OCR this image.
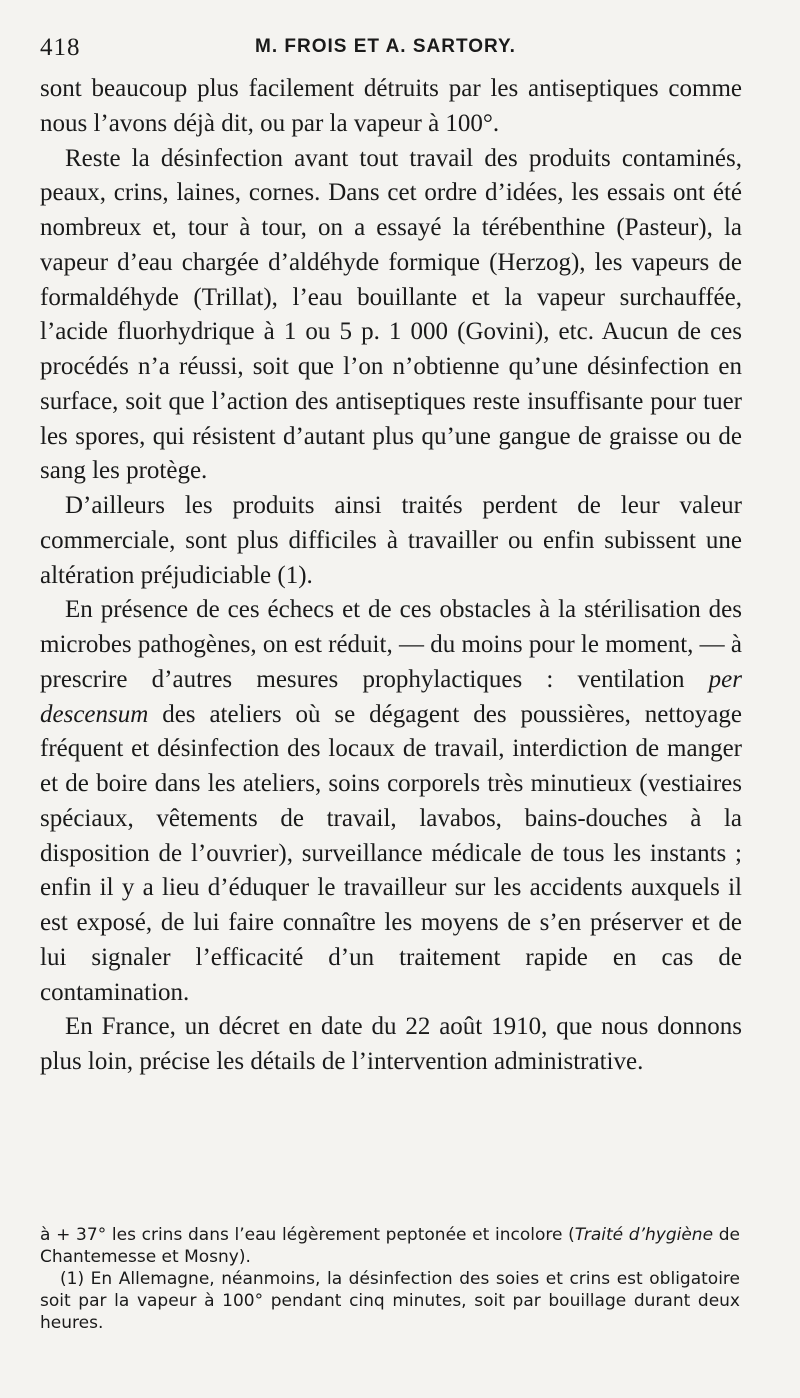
418	M. FROIS ET A. SARTORY.

sont beaucoup plus facilement détruits par les antiseptiques comme nous l’avons déjà dit, ou par la vapeur à 100°.

Reste la désinfection avant tout travail des produits contaminés, peaux, crins, laines, cornes. Dans cet ordre d’idées, les essais ont été nombreux et, tour à tour, on a essayé la térébenthine (Pasteur), la vapeur d’eau chargée d’aldéhyde formique (Herzog), les vapeurs de formaldéhyde (Trillat), l’eau bouillante et la vapeur surchauffée, l’acide fluorhydrique à 1 ou 5 p. 1 000 (Govini), etc. Aucun de ces procédés n’a réussi, soit que l’on n’obtienne qu’une désinfection en surface, soit que l’action des antiseptiques reste insuffisante pour tuer les spores, qui résistent d’autant plus qu’une gangue de graisse ou de sang les protège.

D’ailleurs les produits ainsi traités perdent de leur valeur commerciale, sont plus difficiles à travailler ou enfin subissent une altération préjudiciable (1).

En présence de ces échecs et de ces obstacles à la stérilisation des microbes pathogènes, on est réduit, — du moins pour le moment, — à prescrire d’autres mesures prophylactiques : ventilation per descensum des ateliers où se dégagent des poussières, nettoyage fréquent et désinfection des locaux de travail, interdiction de manger et de boire dans les ateliers, soins corporels très minutieux (vestiaires spéciaux, vêtements de travail, lavabos, bains-douches à la disposition de l’ouvrier), surveillance médicale de tous les instants ; enfin il y a lieu d’éduquer le travailleur sur les accidents auxquels il est exposé, de lui faire connaître les moyens de s’en préserver et de lui signaler l’efficacité d’un traitement rapide en cas de contamination.

En France, un décret en date du 22 août 1910, que nous donnons plus loin, précise les détails de l’intervention administrative.

à + 37° les crins dans l’eau légèrement peptonée et incolore (Traité d’hygiène de Chantemesse et Mosny).

(1) En Allemagne, néanmoins, la désinfection des soies et crins est obligatoire soit par la vapeur à 100° pendant cinq minutes, soit par bouillage durant deux heures.
